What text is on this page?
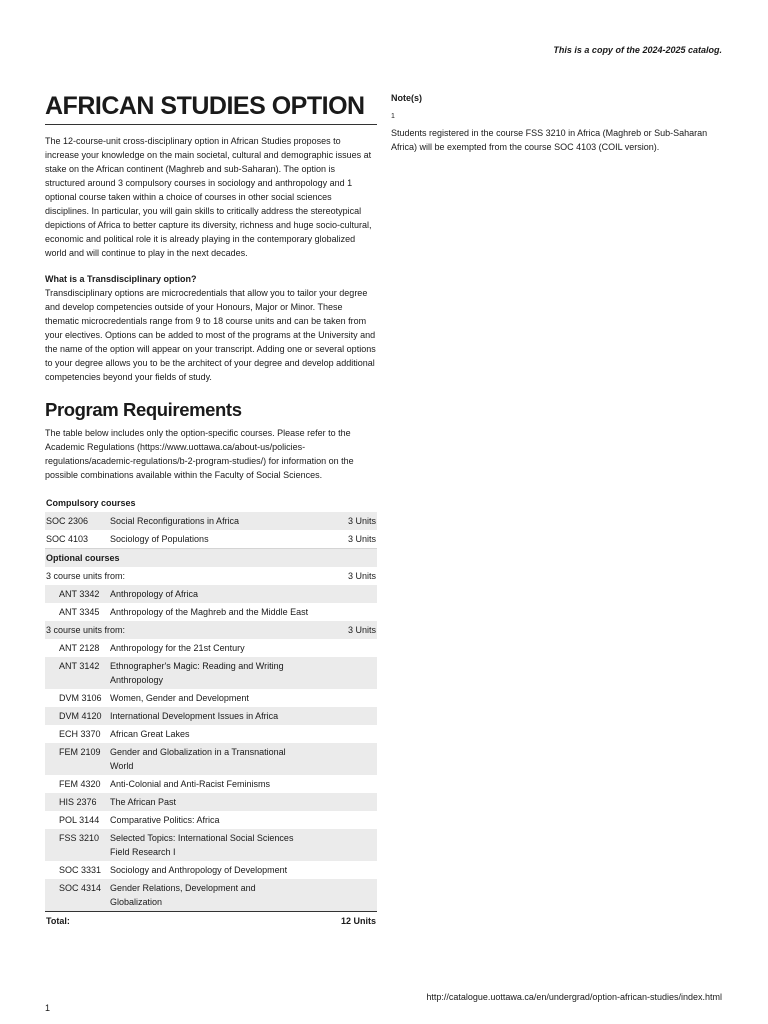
This is a copy of the 2024-2025 catalog.
AFRICAN STUDIES OPTION

The 12-course-unit cross-disciplinary option in African Studies proposes to increase your knowledge on the main societal, cultural and demographic issues at stake on the African continent (Maghreb and sub-Saharan). The option is structured around 3 compulsory courses in sociology and anthropology and 1 optional course taken within a choice of courses in other social sciences disciplines. In particular, you will gain skills to critically address the stereotypical depictions of Africa to better capture its diversity, richness and huge socio-cultural, economic and political role it is already playing in the contemporary globalized world and will continue to play in the next decades.

What is a Transdisciplinary option?

Transdisciplinary options are microcredentials that allow you to tailor your degree and develop competencies outside of your Honours, Major or Minor. These thematic microcredentials range from 9 to 18 course units and can be taken from your electives. Options can be added to most of the programs at the University and the name of the option will appear on your transcript. Adding one or several options to your degree allows you to be the architect of your degree and develop additional competencies beyond your fields of study.

Program Requirements

The table below includes only the option-specific courses. Please refer to the Academic Regulations (https://www.uottawa.ca/about-us/policies-regulations/academic-regulations/b-2-program-studies/) for information on the possible combinations available within the Faculty of Social Sciences.

Compulsory courses		
SOC 2306	Social Reconfigurations in Africa	3 Units
SOC 4103	Sociology of Populations	3 Units
Optional courses		
3 course units from:		3 Units
ANT 3342	Anthropology of Africa	
ANT 3345	Anthropology of the Maghreb and the Middle East	
3 course units from:		3 Units
ANT 2128	Anthropology for the 21st Century	
ANT 3142	Ethnographer's Magic: Reading and Writing Anthropology	
DVM 3106	Women, Gender and Development	
DVM 4120	International Development Issues in Africa	
ECH 3370	African Great Lakes	
FEM 2109	Gender and Globalization in a Transnational World	
FEM 4320	Anti-Colonial and Anti-Racist Feminisms	
HIS 2376	The African Past	
POL 3144	Comparative Politics: Africa	
FSS 3210	Selected Topics: International Social Sciences Field Research I	
SOC 3331	Sociology and Anthropology of Development	
SOC 4314	Gender Relations, Development and Globalization	
Total:		12 Units
Note(s)
1

Students registered in the course FSS 3210 in Africa (Maghreb or Sub-Saharan Africa) will be exempted from the course SOC 4103 (COIL version).

http://catalogue.uottawa.ca/en/undergrad/option-african-studies/index.html
1
